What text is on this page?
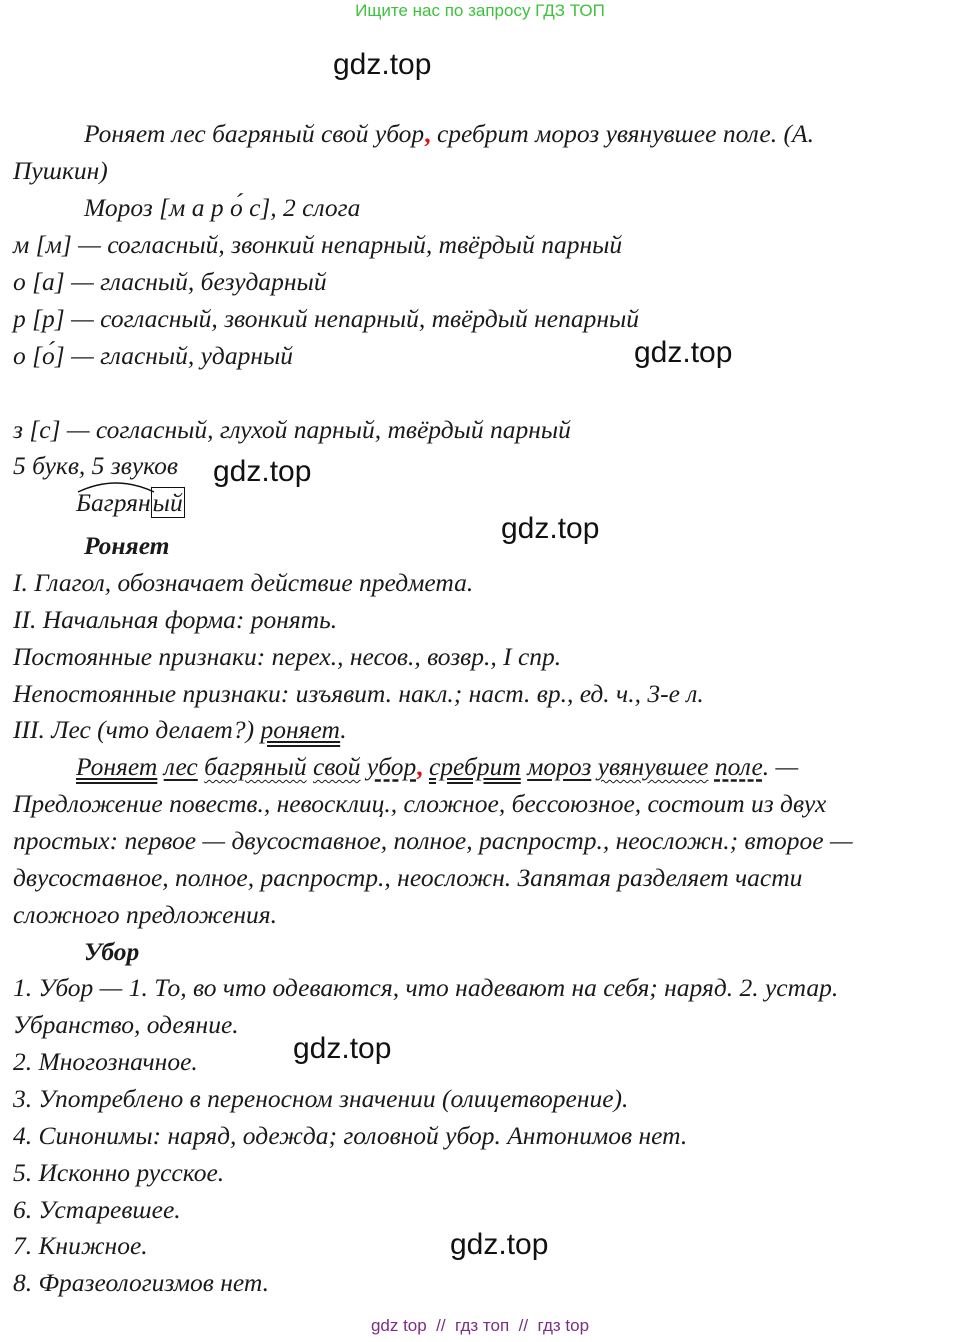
Ищите нас по запросу ГДЗ ТОП
gdz.top
gdz.top
gdz.top
gdz.top
gdz.top
gdz.top
Роняет лес багряный свой убор, сребрит мороз увянувшее поле. (А.
Пушкин)
Мороз [м а р о́ с], 2 слога
м [м] — согласный, звонкий непарный, твёрдый парный
о [а] — гласный, безударный
р [р] — согласный, звонкий непарный, твёрдый непарный
о [о́] — гласный, ударный
з [с] — согласный, глухой парный, твёрдый парный
5 букв, 5 звуков
Багряный
Роняет
I. Глагол, обозначает действие предмета.
II. Начальная форма: ронять.
Постоянные признаки: перех., несов., возвр., I спр.
Непостоянные признаки: изъявит. накл.; наст. вр., ед. ч., 3-е л.
III. Лес (что делает?) роняет.
Роняет лес багряный свой убор, сребрит мороз увянувшее поле. —
Предложение повеств., невосклиц., сложное, бессоюзное, состоит из двух
простых: первое — двусоставное, полное, распростр., неосложн.; второе —
двусоставное, полное, распростр., неосложн. Запятая разделяет части
сложного предложения.
Убор
1. Убор — 1. То, во что одеваются, что надевают на себя; наряд. 2. устар.
Убранство, одеяние.
2. Многозначное.
3. Употреблено в переносном значении (олицетворение).
4. Синонимы: наряд, одежда; головной убор. Антонимов нет.
5. Исконно русское.
6. Устаревшее.
7. Книжное.
8. Фразеологизмов нет.
gdz top  //  гдз топ  //  гдз top
